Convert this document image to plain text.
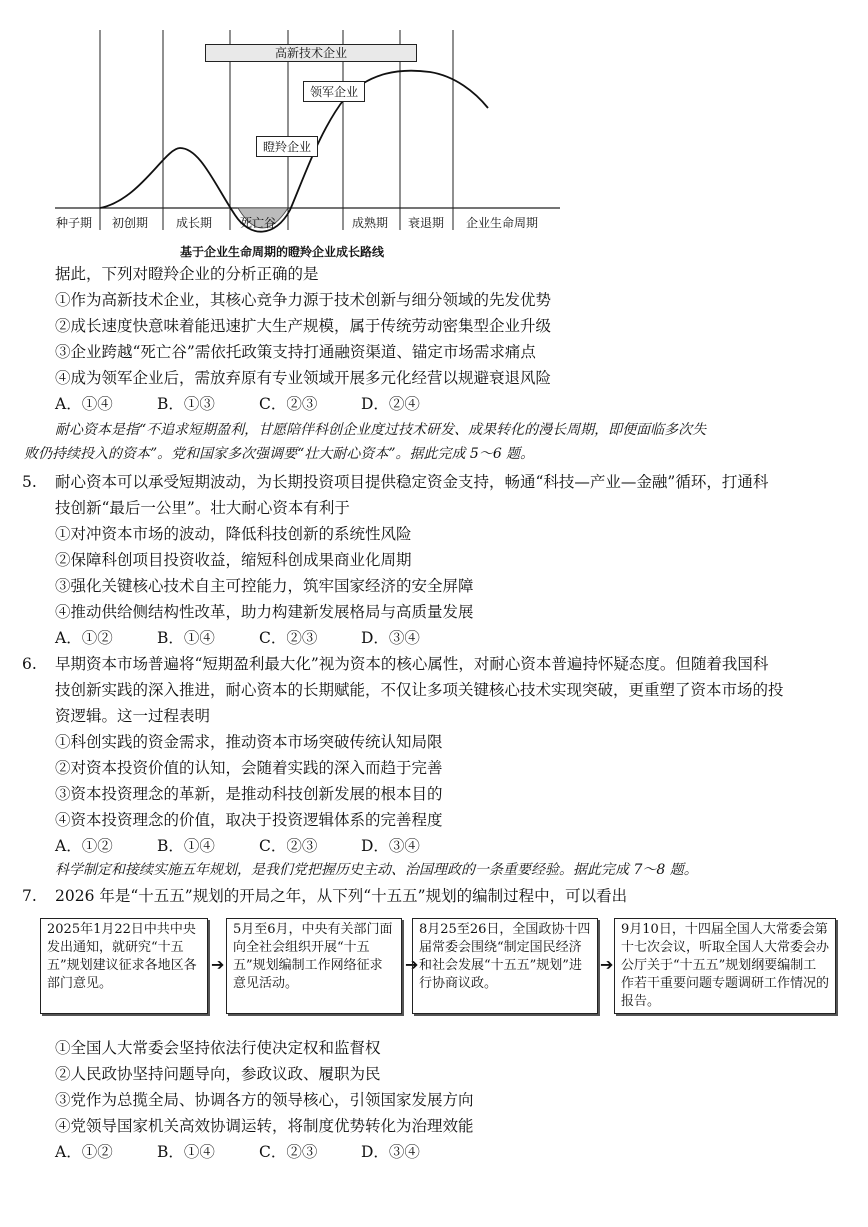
高新技术企业
领军企业
瞪羚企业
种子期 初创期 成长期 死亡谷	成熟期 衰退期 企业生命周期
基于企业生命周期的瞪羚企业成长路线
据此，下列对瞪羚企业的分析正确的是
①作为高新技术企业，其核心竞争力源于技术创新与细分领域的先发优势
②成长速度快意味着能迅速扩大生产规模，属于传统劳动密集型企业升级
③企业跨越“死亡谷”需依托政策支持打通融资渠道、锚定市场需求痛点
④成为领军企业后，需放弃原有专业领域开展多元化经营以规避衰退风险
A．①④	B．①③	C．②③	D．②④
耐心资本是指“不追求短期盈利，甘愿陪伴科创企业度过技术研发、成果转化的漫长周期，即便面临多次失
败仍持续投入的资本”。党和国家多次强调要“壮大耐心资本”。据此完成 5～6 题。
5. 耐心资本可以承受短期波动，为长期投资项目提供稳定资金支持，畅通“科技—产业—金融”循环，打通科
技创新“最后一公里”。壮大耐心资本有利于
①对冲资本市场的波动，降低科技创新的系统性风险
②保障科创项目投资收益，缩短科创成果商业化周期
③强化关键核心技术自主可控能力，筑牢国家经济的安全屏障
④推动供给侧结构性改革，助力构建新发展格局与高质量发展
A．①②	B．①④	C．②③	D．③④
6. 早期资本市场普遍将“短期盈利最大化”视为资本的核心属性，对耐心资本普遍持怀疑态度。但随着我国科
技创新实践的深入推进，耐心资本的长期赋能，不仅让多项关键核心技术实现突破，更重塑了资本市场的投
资逻辑。这一过程表明
①科创实践的资金需求，推动资本市场突破传统认知局限
②对资本投资价值的认知，会随着实践的深入而趋于完善
③资本投资理念的革新，是推动科技创新发展的根本目的
④资本投资理念的价值，取决于投资逻辑体系的完善程度
A．①②	B．①④	C．②③	D．③④
科学制定和接续实施五年规划，是我们党把握历史主动、治国理政的一条重要经验。据此完成 7～8 题。
7. 2026 年是“十五五”规划的开局之年，从下列“十五五”规划的编制过程中，可以看出
2025年1月22日中共中央发出通知，就研究“十五五”规划建议征求各地区各部门意见。
➔
5月至6月，中央有关部门面向全社会组织开展“十五五”规划编制工作网络征求意见活动。
➔
8月25至26日，全国政协十四届常委会围绕“制定国民经济和社会发展“十五五”规划”进行协商议政。
➔
9月10日，十四届全国人大常委会第十七次会议，听取全国人大常委会办公厅关于“十五五”规划纲要编制工作若干重要问题专题调研工作情况的报告。
①全国人大常委会坚持依法行使决定权和监督权
②人民政协坚持问题导向，参政议政、履职为民
③党作为总揽全局、协调各方的领导核心，引领国家发展方向
④党领导国家机关高效协调运转，将制度优势转化为治理效能
A．①②	B．①④	C．②③	D．③④
